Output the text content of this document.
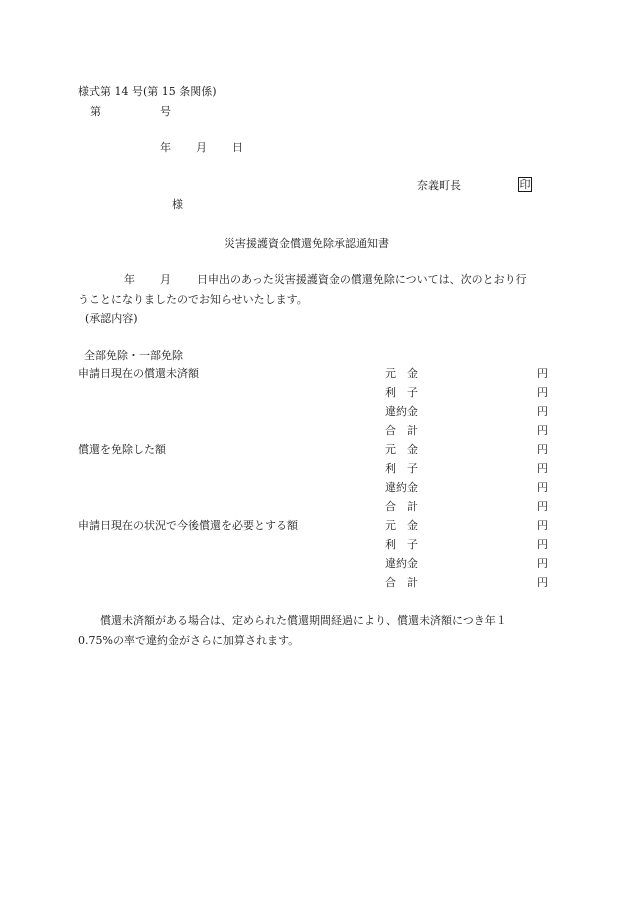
様式第 14 号(第 15 条関係)
第	号
年 月 日
奈義町長	印
様
災害援護資金償還免除承認通知書
年 月 日申出のあった災害援護資金の償還免除については、次のとおり行
うことになりましたのでお知らせいたします。
(承認内容)
全部免除・一部免除
申請日現在の償還未済額	元　金	円
利　子	円
違約金	円
合　計	円
償還を免除した額	元　金	円
利　子	円
違約金	円
合　計	円
申請日現在の状況で今後償還を必要とする額	元　金	円
利　子	円
違約金	円
合　計	円
償還未済額がある場合は、定められた償還期間経過により、償還未済額につき年１
0.75%の率で違約金がさらに加算されます。
